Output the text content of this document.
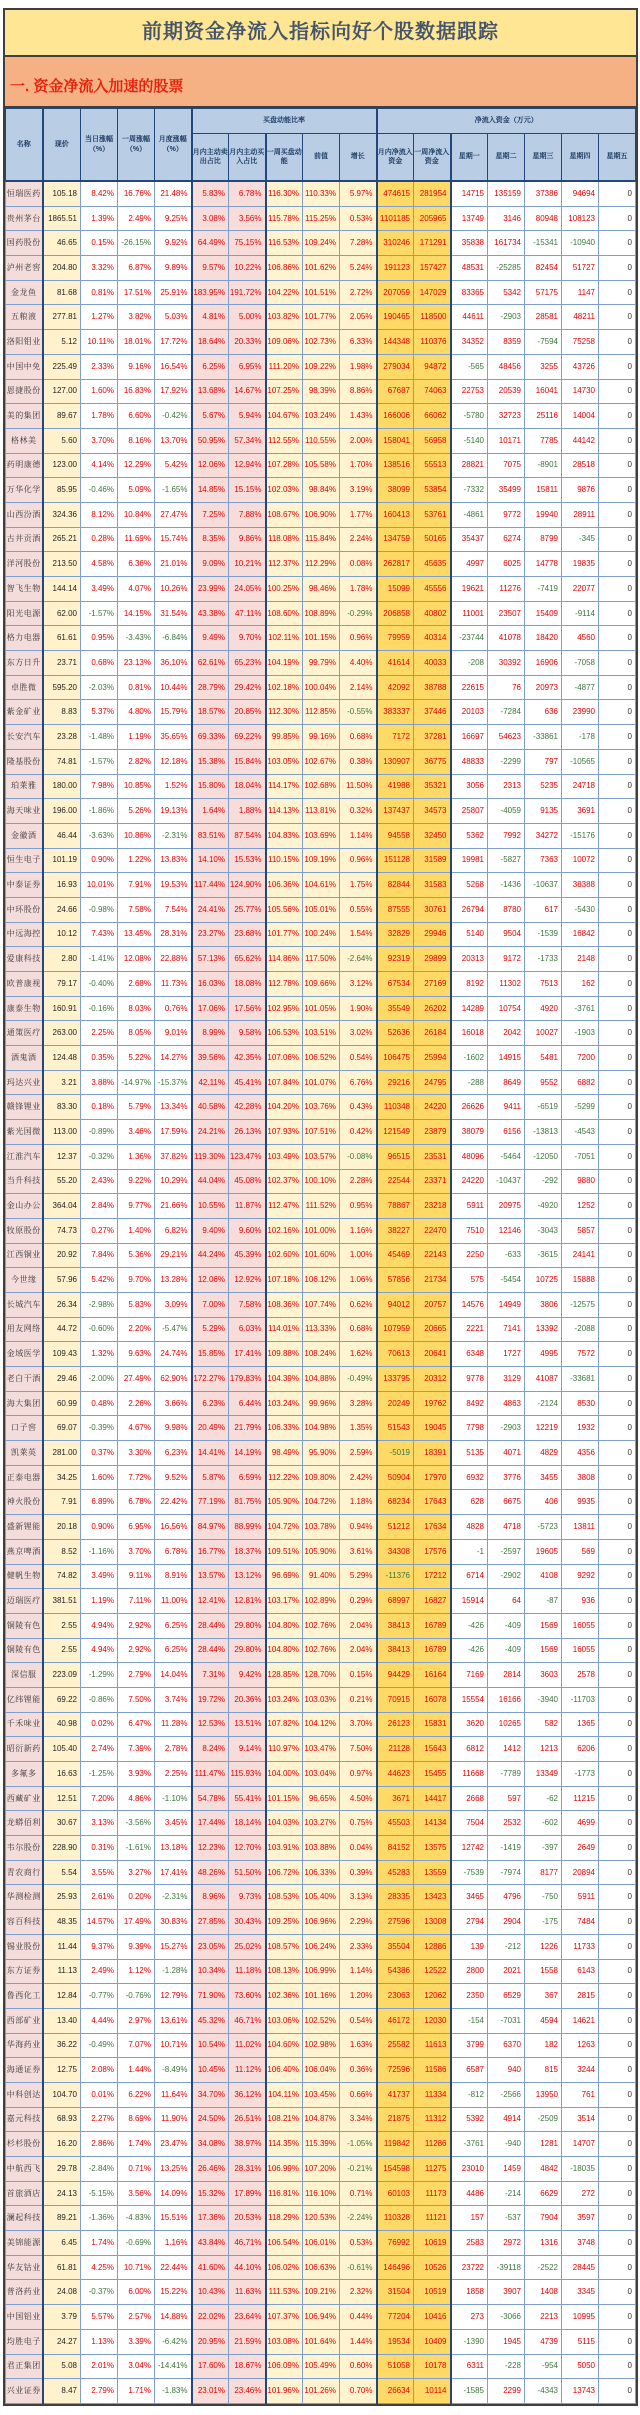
前期资金净流入指标向好个股数据跟踪
一. 资金净流入加速的股票
名称	现价	当日涨幅（%）	一周涨幅（%）	月度涨幅（%）	买盘动能比率					净流入资金（万元）						
					月内主动卖出占比	月内主动买入占比	一周买盘动能	前值	增长	月内净流入资金	一周净流入资金	星期一	星期二	星期三	星期四	星期五
恒瑞医药	105.18	8.42%	16.76%	21.48%	5.83%	6.78%	116.30%	110.33%	5.97%	474615	281954	14715	135159	37386	94694	0
贵州茅台	1865.51	1.39%	2.49%	9.25%	3.08%	3.56%	115.78%	115.25%	0.53%	1101185	205965	13749	3146	80948	108123	0
国药股份	46.65	0.15%	-26.15%	9.92%	64.49%	75.15%	116.53%	109.24%	7.28%	310246	171291	35838	161734	-15341	-10940	0
泸州老窖	204.80	3.32%	6.87%	9.89%	9.57%	10.22%	106.86%	101.62%	5.24%	191123	157427	48531	-25285	82454	51727	0
金龙鱼	81.68	0.81%	17.51%	25.91%	183.95%	191.72%	104.22%	101.51%	2.72%	207059	147029	83365	5342	57175	1147	0
五粮液	277.81	1.27%	3.82%	5.03%	4.81%	5.00%	103.82%	101.77%	2.05%	190465	118500	44611	-2903	28581	48211	0
洛阳钼业	5.12	10.11%	18.01%	17.72%	18.64%	20.33%	109.06%	102.73%	6.33%	144348	110376	34352	8359	-7594	75258	0
中国中免	225.49	2.33%	9.16%	16.54%	6.25%	6.95%	111.20%	109.22%	1.98%	279034	94872	-565	48456	3255	43726	0
恩捷股份	127.00	1.60%	16.83%	17.92%	13.68%	14.67%	107.25%	98.39%	8.86%	67687	74063	22753	20539	16041	14730	0
美的集团	89.67	1.78%	6.60%	-0.42%	5.67%	5.94%	104.67%	103.24%	1.43%	166006	66062	-5780	32723	25116	14004	0
格林美	5.60	3.70%	8.16%	13.70%	50.95%	57.34%	112.55%	110.55%	2.00%	158041	56958	-5140	10171	7785	44142	0
药明康德	123.00	4.14%	12.29%	5.42%	12.06%	12.94%	107.28%	105.58%	1.70%	138516	55513	28821	7075	-8901	28518	0
万华化学	85.95	-0.46%	5.09%	-1.65%	14.85%	15.15%	102.03%	98.84%	3.19%	38099	53854	-7332	35499	15811	9876	0
山西汾酒	324.36	8.12%	10.84%	27.47%	7.25%	7.88%	108.67%	106.90%	1.77%	160413	53761	-4861	9772	19940	28911	0
古井贡酒	265.21	0.28%	11.69%	15.74%	8.35%	9.86%	118.08%	115.84%	2.24%	134759	50165	35437	6274	8799	-345	0
洋河股份	213.50	4.58%	6.36%	21.01%	9.09%	10.21%	112.37%	112.29%	0.08%	262817	45635	4997	6025	14778	19835	0
智飞生物	144.14	3.49%	4.07%	10.26%	23.99%	24.05%	100.25%	98.46%	1.78%	15099	45556	19621	11276	-7419	22077	0
阳光电源	62.00	-1.57%	14.15%	31.54%	43.38%	47.11%	108.60%	108.89%	-0.29%	206858	40802	11001	23507	15409	-9114	0
格力电器	61.61	0.95%	-3.43%	-6.84%	9.49%	9.70%	102.11%	101.15%	0.96%	79959	40314	-23744	41078	18420	4560	0
东方日升	23.71	0.68%	23.13%	36.10%	62.61%	65.23%	104.19%	99.79%	4.40%	41614	40033	-208	30392	16906	-7058	0
卓胜微	595.20	-2.03%	0.81%	10.44%	28.79%	29.42%	102.18%	100.04%	2.14%	42092	38788	22615	76	20973	-4877	0
紫金矿业	8.83	5.37%	4.80%	15.79%	18.57%	20.85%	112.30%	112.85%	-0.55%	383337	37446	20103	-7284	636	23990	0
长安汽车	23.28	-1.48%	1.19%	35.65%	69.33%	69.22%	99.85%	99.16%	0.68%	7172	37281	16697	54623	-33861	-178	0
隆基股份	74.81	-1.57%	2.82%	12.18%	15.38%	15.84%	103.05%	102.67%	0.38%	130907	36775	48833	-2299	797	-10565	0
珀莱雅	180.00	7.98%	10.85%	1.52%	15.80%	18.04%	114.17%	102.68%	11.50%	41988	35321	3056	2313	5235	24718	0
海天味业	196.00	-1.86%	5.26%	19.13%	1.64%	1.88%	114.13%	113.81%	0.32%	137437	34573	25807	-4059	9135	3691	0
金徽酒	46.44	-3.63%	10.86%	-2.31%	83.51%	87.54%	104.83%	103.69%	1.14%	94558	32450	5362	7992	34272	-15176	0
恒生电子	101.19	0.90%	1.22%	13.83%	14.10%	15.53%	110.15%	109.19%	0.96%	151128	31589	19981	-5827	7363	10072	0
中泰证券	16.93	10.01%	7.91%	19.53%	117.44%	124.90%	106.36%	104.61%	1.75%	82844	31583	5268	-1436	-10637	38388	0
中环股份	24.66	-0.98%	7.58%	7.54%	24.41%	25.77%	105.56%	105.01%	0.55%	87555	30761	26794	8780	617	-5430	0
中远海控	10.12	7.43%	13.45%	28.31%	23.27%	23.68%	101.77%	100.24%	1.54%	32829	29946	5140	9504	-1539	16842	0
爱康科技	2.80	-1.41%	12.08%	22.88%	57.13%	65.62%	114.86%	117.50%	-2.64%	92319	29899	20313	9172	-1733	2148	0
欧普康视	79.17	-0.40%	2.68%	11.73%	16.03%	18.08%	112.78%	109.66%	3.12%	67534	27169	8192	11302	7513	162	0
康泰生物	160.91	-0.16%	8.03%	0.76%	17.06%	17.56%	102.95%	101.05%	1.90%	35549	26202	14289	10754	4920	-3761	0
通策医疗	263.00	2.25%	8.05%	9.01%	8.99%	9.58%	106.53%	103.51%	3.02%	52636	26184	16018	2042	10027	-1903	0
酒鬼酒	124.48	0.35%	5.22%	14.27%	39.56%	42.35%	107.06%	106.52%	0.54%	106475	25994	-1602	14915	5481	7200	0
玛达兴业	3.21	3.88%	-14.97%	-15.37%	42.11%	45.41%	107.84%	101.07%	6.76%	29216	24795	-288	8649	9552	6882	0
赣锋锂业	83.30	0.18%	5.79%	13.34%	40.58%	42.28%	104.20%	103.76%	0.43%	110348	24220	26626	9411	-6519	-5299	0
紫光国微	113.00	-0.89%	3.46%	17.59%	24.21%	26.13%	107.93%	107.51%	0.42%	121549	23879	38079	6156	-13813	-4543	0
江淮汽车	12.37	-0.32%	1.36%	37.82%	119.30%	123.47%	103.49%	103.57%	-0.08%	96515	23531	48096	-5464	-12050	-7051	0
当升科技	55.20	2.43%	9.22%	10.29%	44.04%	45.08%	102.37%	100.10%	2.28%	22544	23371	24220	-10437	-292	9880	0
金山办公	364.04	2.84%	9.77%	21.66%	10.55%	11.87%	112.47%	111.52%	0.95%	78867	23218	5911	20975	-4920	1252	0
牧原股份	74.73	0.27%	1.40%	6.82%	9.40%	9.60%	102.16%	101.00%	1.16%	38227	22470	7510	12146	-3043	5857	0
江西铜业	20.92	7.84%	5.36%	29.21%	44.24%	45.39%	102.60%	101.60%	1.00%	45469	22143	2250	-633	-3615	24141	0
今世缘	57.96	5.42%	9.70%	13.28%	12.06%	12.92%	107.18%	106.12%	1.06%	57856	21734	575	-5454	10725	15888	0
长城汽车	26.34	-2.98%	5.83%	3.09%	7.00%	7.58%	108.36%	107.74%	0.62%	94012	20757	14576	14949	3806	-12575	0
用友网络	44.72	-0.60%	2.20%	-5.47%	5.29%	6.03%	114.01%	113.33%	0.68%	107959	20665	2221	7141	13392	-2088	0
金域医学	109.43	1.32%	9.63%	24.74%	15.85%	17.41%	109.88%	108.24%	1.62%	70613	20641	6348	1727	4995	7572	0
老白干酒	29.46	-2.00%	27.49%	62.90%	172.27%	179.83%	104.39%	104.88%	-0.49%	133795	20312	9778	3129	41087	-33681	0
海大集团	60.99	0.48%	2.26%	3.66%	6.23%	6.44%	103.24%	99.96%	3.28%	20249	19762	8492	4863	-2124	8530	0
口子窖	69.07	-0.39%	4.67%	9.98%	20.49%	21.79%	106.33%	104.98%	1.35%	51543	19045	7798	-2903	12219	1932	0
凯莱英	281.00	0.37%	3.30%	6.23%	14.41%	14.19%	98.49%	95.90%	2.59%	-5019	18391	5135	4071	4829	4356	0
正泰电器	34.25	1.60%	7.72%	9.52%	5.87%	6.59%	112.22%	109.80%	2.42%	50904	17970	6932	3776	3455	3808	0
神火股份	7.91	6.89%	6.78%	22.42%	77.19%	81.75%	105.90%	104.72%	1.18%	68234	17643	628	6675	406	9935	0
盛新锂能	20.18	0.90%	6.95%	16.56%	84.97%	88.99%	104.72%	103.78%	0.94%	51212	17634	4828	4718	-5723	13811	0
燕京啤酒	8.52	-1.16%	3.70%	6.78%	16.77%	18.37%	109.51%	105.90%	3.61%	34308	17576	-1	-2597	19605	569	0
健帆生物	74.82	3.49%	9.11%	8.91%	13.57%	13.12%	96.69%	91.40%	5.29%	-11376	17212	6714	-2902	4108	9292	0
迈瑞医疗	381.51	1.19%	7.11%	11.00%	12.41%	12.81%	103.17%	102.89%	0.29%	68997	16827	15914	64	-87	936	0
铜陵有色	2.55	4.94%	2.92%	6.25%	28.44%	29.80%	104.80%	102.76%	2.04%	38413	16789	-426	-409	1569	16055	0
铜陵有色	2.55	4.94%	2.92%	6.25%	28.44%	29.80%	104.80%	102.76%	2.04%	38413	16789	-426	-409	1569	16055	0
深信服	223.09	-1.29%	2.79%	14.04%	7.31%	9.42%	128.85%	128.70%	0.15%	94429	16164	7169	2814	3603	2578	0
亿纬锂能	69.22	-0.86%	7.50%	3.74%	19.72%	20.36%	103.24%	103.03%	0.21%	70915	16078	15554	16166	-3940	-11703	0
千禾味业	40.98	0.02%	6.47%	11.28%	12.53%	13.51%	107.82%	104.12%	3.70%	26123	15831	3620	10265	582	1365	0
昭衍新药	105.40	2.74%	7.39%	2.78%	8.24%	9.14%	110.97%	103.47%	7.50%	21128	15643	6812	1412	1213	6206	0
多氟多	16.63	-1.25%	3.93%	2.25%	111.47%	115.93%	104.00%	103.04%	0.97%	44623	15455	11668	-7789	13349	-1773	0
西藏矿业	12.51	7.20%	4.86%	-1.10%	54.78%	55.41%	101.15%	96.65%	4.50%	3671	14417	2668	597	-62	11215	0
龙蟒佰利	30.67	3.13%	-3.56%	3.45%	17.44%	18.14%	104.03%	103.27%	0.75%	45503	14134	7504	2532	-602	4699	0
韦尔股份	228.90	0.31%	-1.61%	13.18%	12.23%	12.70%	103.91%	103.88%	0.04%	84152	13575	12742	-1419	-397	2649	0
青农商行	5.54	3.55%	3.27%	17.41%	48.26%	51.50%	106.72%	106.33%	0.39%	45283	13559	-7539	-7974	8177	20894	0
华测检测	25.93	2.61%	0.20%	-2.31%	8.96%	9.73%	108.53%	105.40%	3.13%	28335	13423	3465	4796	-750	5911	0
容百科技	48.35	14.57%	17.49%	30.83%	27.85%	30.43%	109.25%	106.96%	2.29%	27596	13008	2794	2904	-175	7484	0
锡业股份	11.44	9.37%	9.39%	15.27%	23.05%	25.02%	108.57%	106.24%	2.33%	35504	12886	139	-212	1226	11733	0
东方证券	11.13	2.49%	1.12%	-1.28%	10.34%	11.18%	108.13%	106.99%	1.14%	54386	12522	2800	2021	1558	6143	0
鲁西化工	12.84	-0.77%	-0.76%	12.79%	71.90%	73.60%	102.36%	101.16%	1.20%	23063	12062	2350	6529	367	2815	0
西部矿业	13.40	4.44%	2.97%	13.61%	45.32%	46.71%	103.06%	102.52%	0.54%	46172	12030	-154	-7031	4594	14621	0
华海药业	36.22	-0.49%	7.07%	10.71%	10.54%	11.02%	104.60%	102.98%	1.63%	25582	11613	3799	6370	182	1263	0
海通证券	12.75	2.08%	1.44%	-8.49%	10.45%	11.12%	106.40%	106.04%	0.36%	72596	11586	6587	940	815	3244	0
中科创达	104.70	0.01%	6.22%	11.64%	34.70%	36.12%	104.11%	103.45%	0.66%	41737	11334	-812	-2566	13950	761	0
嘉元科技	68.93	2.27%	8.69%	11.90%	24.50%	26.51%	108.21%	104.87%	3.34%	21875	11312	5392	4914	-2509	3514	0
杉杉股份	16.20	2.86%	1.74%	23.47%	34.08%	38.97%	114.35%	115.39%	-1.05%	119842	11286	-3761	-940	1281	14707	0
中航西飞	29.78	-2.84%	0.71%	13.25%	26.46%	28.31%	106.99%	107.20%	-0.21%	154598	11275	23010	1459	4842	-18035	0
首旅酒店	24.13	-5.15%	3.56%	14.09%	15.32%	17.89%	116.81%	116.10%	0.71%	60103	11173	4486	-214	6629	272	0
澜起科技	89.21	-1.36%	-4.83%	15.51%	17.36%	20.53%	118.29%	120.53%	-2.24%	110328	11121	157	-537	7904	3597	0
美锦能源	6.45	1.74%	-0.69%	1.16%	43.84%	46.71%	106.54%	106.01%	0.53%	76992	10619	2583	2972	1316	3748	0
华友钴业	61.81	4.25%	10.71%	22.44%	41.60%	44.10%	106.02%	106.63%	-0.61%	146496	10526	23722	-39118	-2522	28445	0
普洛药业	24.08	-0.37%	6.00%	15.22%	10.43%	11.63%	111.53%	109.21%	2.32%	31504	10519	1858	3907	1408	3345	0
中国铝业	3.79	5.57%	2.57%	14.88%	22.02%	23.64%	107.37%	106.94%	0.44%	77204	10416	273	-3066	2213	10995	0
均胜电子	24.27	1.13%	3.39%	-6.42%	20.95%	21.59%	103.08%	101.64%	1.44%	19534	10409	-1390	1945	4739	5115	0
君正集团	5.08	2.01%	3.04%	-14.41%	17.60%	18.67%	106.09%	105.49%	0.60%	51058	10178	6311	-228	-954	5050	0
兴业证券	8.47	2.79%	1.71%	-1.83%	23.01%	23.46%	101.96%	101.26%	0.70%	26634	10114	-1585	2299	-4343	13743	0
